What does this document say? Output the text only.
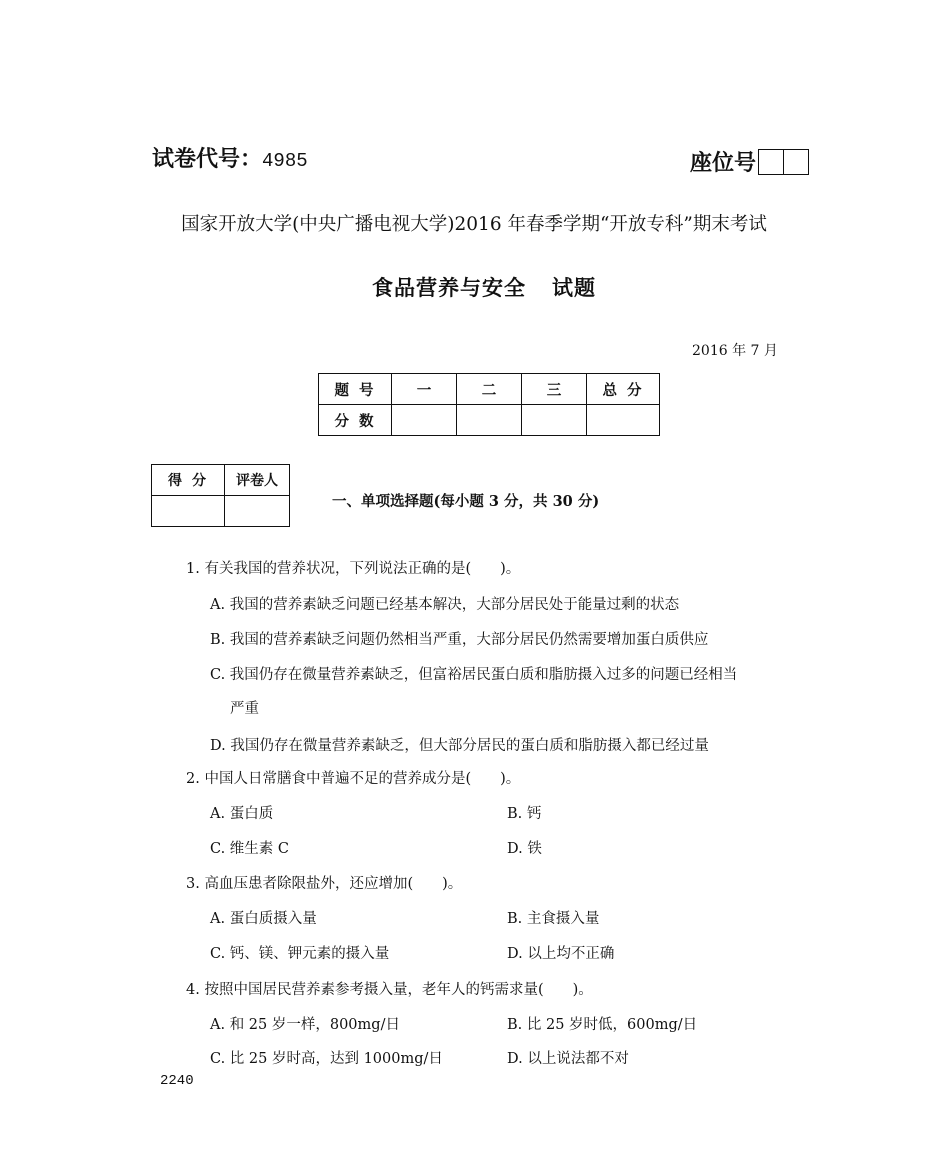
试卷代号：4985	座位号
国家开放大学(中央广播电视大学)2016 年春季学期“开放专科”期末考试
食品营养与安全 试题
2016 年 7 月
题号	一	二	三	总分
分数				
得分	评卷人

一、单项选择题(每小题 3 分，共 30 分)
1. 有关我国的营养状况，下列说法正确的是(　　)。
A. 我国的营养素缺乏问题已经基本解决，大部分居民处于能量过剩的状态
B. 我国的营养素缺乏问题仍然相当严重，大部分居民仍然需要增加蛋白质供应
C. 我国仍存在微量营养素缺乏，但富裕居民蛋白质和脂肪摄入过多的问题已经相当
严重
D. 我国仍存在微量营养素缺乏，但大部分居民的蛋白质和脂肪摄入都已经过量
2. 中国人日常膳食中普遍不足的营养成分是(　　)。
A. 蛋白质	B. 钙
C. 维生素 C	D. 铁
3. 高血压患者除限盐外，还应增加(　　)。
A. 蛋白质摄入量	B. 主食摄入量
C. 钙、镁、钾元素的摄入量	D. 以上均不正确
4. 按照中国居民营养素参考摄入量，老年人的钙需求量(　　)。
A. 和 25 岁一样，800mg/日	B. 比 25 岁时低，600mg/日
C. 比 25 岁时高，达到 1000mg/日	D. 以上说法都不对
2240
